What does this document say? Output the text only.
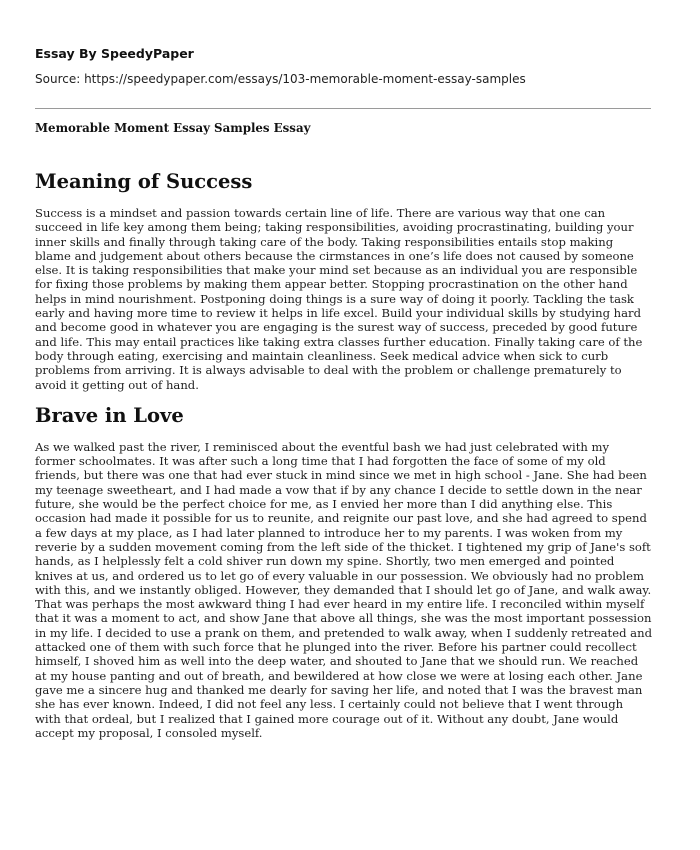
Essay By SpeedyPaper
Source: https://speedypaper.com/essays/103-memorable-moment-essay-samples
Memorable Moment Essay Samples Essay
Meaning of Success

Success is a mindset and passion towards certain line of life. There are various way that one can succeed in life key among them being; taking responsibilities, avoiding procrastinating, building your inner skills and finally through taking care of the body. Taking responsibilities entails stop making blame and judgement about others because the cirmstances in one’s life does not caused by someone else. It is taking responsibilities that make your mind set because as an individual you are responsible for fixing those problems by making them appear better. Stopping procrastination on the other hand helps in mind nourishment. Postponing doing things is a sure way of doing it poorly. Tackling the task early and having more time to review it helps in life excel. Build your individual skills by studying hard and become good in whatever you are engaging is the surest way of success, preceded by good future and life. This may entail practices like taking extra classes further education. Finally taking care of the body through eating, exercising and maintain cleanliness. Seek medical advice when sick to curb problems from arriving. It is always advisable to deal with the problem or challenge prematurely to avoid it getting out of hand.

Brave in Love

As we walked past the river, I reminisced about the eventful bash we had just celebrated with my former schoolmates. It was after such a long time that I had forgotten the face of some of my old friends, but there was one that had ever stuck in mind since we met in high school - Jane. She had been my teenage sweetheart, and I had made a vow that if by any chance I decide to settle down in the near future, she would be the perfect choice for me, as I envied her more than I did anything else. This occasion had made it possible for us to reunite, and reignite our past love, and she had agreed to spend a few days at my place, as I had later planned to introduce her to my parents. I was woken from my reverie by a sudden movement coming from the left side of the thicket. I tightened my grip of Jane's soft hands, as I helplessly felt a cold shiver run down my spine. Shortly, two men emerged and pointed knives at us, and ordered us to let go of every valuable in our possession. We obviously had no problem with this, and we instantly obliged. However, they demanded that I should let go of Jane, and walk away. That was perhaps the most awkward thing I had ever heard in my entire life. I reconciled within myself that it was a moment to act, and show Jane that above all things, she was the most important possession in my life. I decided to use a prank on them, and pretended to walk away, when I suddenly retreated and attacked one of them with such force that he plunged into the river. Before his partner could recollect himself, I shoved him as well into the deep water, and shouted to Jane that we should run. We reached at my house panting and out of breath, and bewildered at how close we were at losing each other. Jane gave me a sincere hug and thanked me dearly for saving her life, and noted that I was the bravest man she has ever known. Indeed, I did not feel any less. I certainly could not believe that I went through with that ordeal, but I realized that I gained more courage out of it. Without any doubt, Jane would accept my proposal, I consoled myself.
